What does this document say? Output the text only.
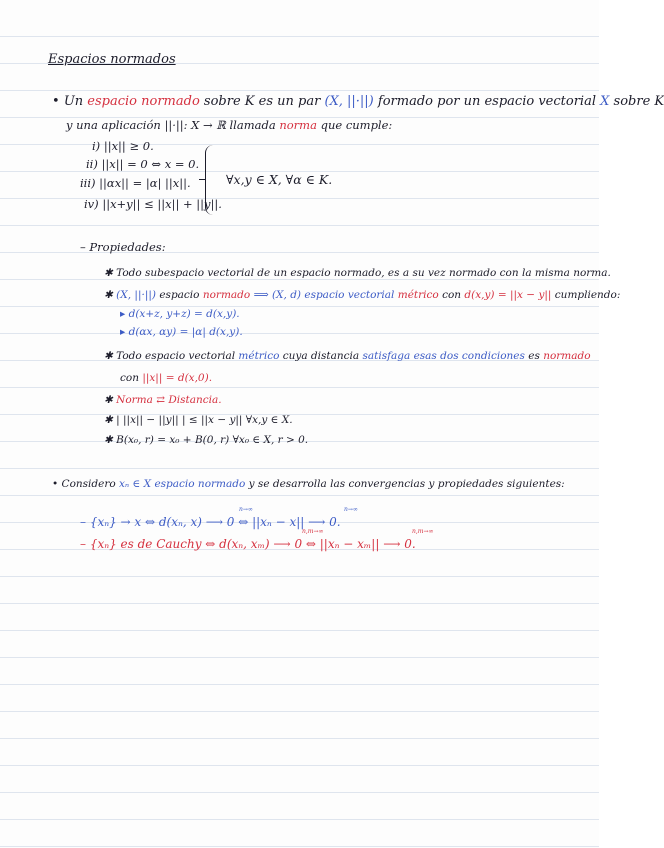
Espacios normados
• Un espacio normado sobre K es un par (X, ||·||) formado por un espacio vectorial X sobre K
y una aplicación ||·||: X → ℝ llamada norma que cumple:
i) ||x|| ≥ 0.
ii) ||x|| = 0 ⇔ x = 0.
iii) ||αx|| = |α| ||x||.
iv) ||x+y|| ≤ ||x|| + ||y||.
∀x,y ∈ X, ∀α ∈ K.
– Propiedades:
✱ Todo subespacio vectorial de un espacio normado, es a su vez normado con la misma norma.
✱ (X, ||·||) espacio normado ⟹ (X, d) espacio vectorial métrico con d(x,y) = ||x − y|| cumpliendo:
▸ d(x+z, y+z) = d(x,y).
▸ d(αx, αy) = |α| d(x,y).
✱ Todo espacio vectorial métrico cuya distancia satisfaga esas dos condiciones es normado
con ||x|| = d(x,0).
✱ Norma ⇄ Distancia.
✱ | ||x|| − ||y|| | ≤ ||x − y|| ∀x,y ∈ X.
✱ B(x₀, r) = x₀ + B(0, r) ∀x₀ ∈ X, r > 0.
• Considero xₙ ∈ X espacio normado y se desarrolla las convergencias y propiedades siguientes:
– {xₙ} → x ⇔ d(xₙ, x) ⟶ 0 ⇔ ||xₙ − x|| ⟶ 0.
n→∞	n→∞
– {xₙ} es de Cauchy ⇔ d(xₙ, xₘ) ⟶ 0 ⇔ ||xₙ − xₘ|| ⟶ 0.
n,m→∞	n,m→∞
